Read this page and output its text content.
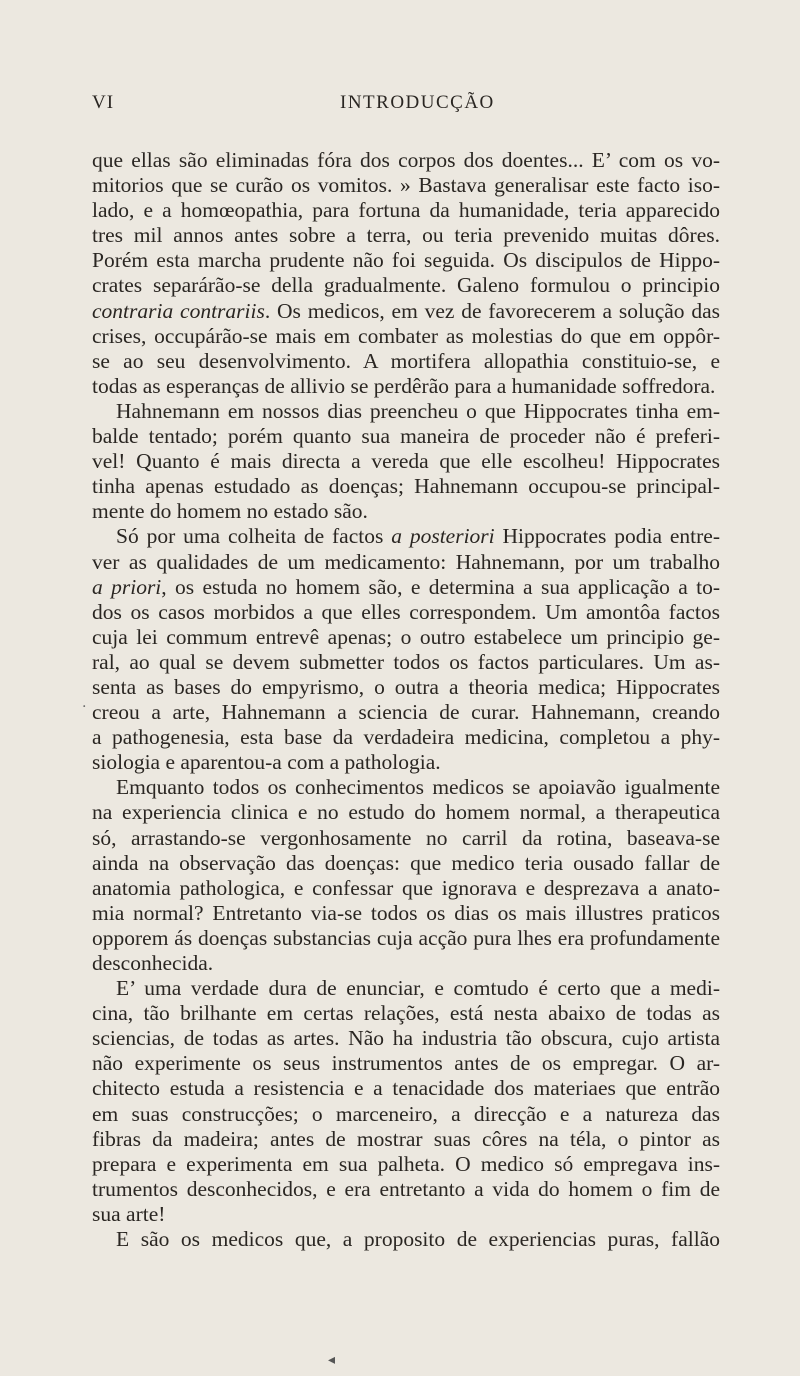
VI	INTRODUCÇÃO
que ellas são eliminadas fóra dos corpos dos doentes... E’ com os vo-
mitorios que se curão os vomitos. » Bastava generalisar este facto iso-
lado, e a homœopathia, para fortuna da humanidade, teria apparecido
tres mil annos antes sobre a terra, ou teria prevenido muitas dôres.
Porém esta marcha prudente não foi seguida. Os discipulos de Hippo-
crates separárão-se della gradualmente. Galeno formulou o principio
contraria contrariis. Os medicos, em vez de favorecerem a solução das
crises, occupárão-se mais em combater as molestias do que em oppôr-
se ao seu desenvolvimento. A mortifera allopathia constituio-se, e
todas as esperanças de allivio se perdêrão para a humanidade soffredora.
Hahnemann em nossos dias preencheu o que Hippocrates tinha em-
balde tentado; porém quanto sua maneira de proceder não é preferi-
vel! Quanto é mais directa a vereda que elle escolheu! Hippocrates
tinha apenas estudado as doenças; Hahnemann occupou-se principal-
mente do homem no estado são.
Só por uma colheita de factos a posteriori Hippocrates podia entre-
ver as qualidades de um medicamento: Hahnemann, por um trabalho
a priori, os estuda no homem são, e determina a sua applicação a to-
dos os casos morbidos a que elles correspondem. Um amontôa factos
cuja lei commum entrevê apenas; o outro estabelece um principio ge-
ral, ao qual se devem submetter todos os factos particulares. Um as-
senta as bases do empyrismo, o outra a theoria medica; Hippocrates
creou a arte, Hahnemann a sciencia de curar. Hahnemann, creando
a pathogenesia, esta base da verdadeira medicina, completou a phy-
siologia e aparentou-a com a pathologia.
Emquanto todos os conhecimentos medicos se apoiavão igualmente
na experiencia clinica e no estudo do homem normal, a therapeutica
só, arrastando-se vergonhosamente no carril da rotina, baseava-se
ainda na observação das doenças: que medico teria ousado fallar de
anatomia pathologica, e confessar que ignorava e desprezava a anato-
mia normal? Entretanto via-se todos os dias os mais illustres praticos
opporem ás doenças substancias cuja acção pura lhes era profundamente
desconhecida.
E’ uma verdade dura de enunciar, e comtudo é certo que a medi-
cina, tão brilhante em certas relações, está nesta abaixo de todas as
sciencias, de todas as artes. Não ha industria tão obscura, cujo artista
não experimente os seus instrumentos antes de os empregar. O ar-
chitecto estuda a resistencia e a tenacidade dos materiaes que entrão
em suas construcções; o marceneiro, a direcção e a natureza das
fibras da madeira; antes de mostrar suas côres na téla, o pintor as
prepara e experimenta em sua palheta. O medico só empregava ins-
trumentos desconhecidos, e era entretanto a vida do homem o fim de
sua arte!
E são os medicos que, a proposito de experiencias puras, fallão
.
◂
